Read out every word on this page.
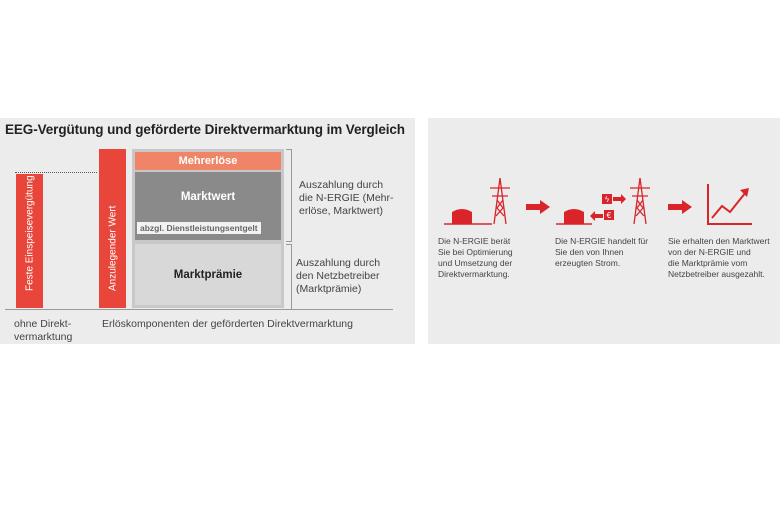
EEG-Vergütung und geförderte Direktvermarktung im Vergleich
Feste Einspeisevergütung	Anzulegender Wert
Mehrerlöse
Marktwert
abzgl. Dienstleistungsentgelt
Marktprämie
Auszahlung durch
die N-ERGIE (Mehr-
erlöse, Marktwert)
Auszahlung durch
den Netzbetreiber
(Marktprämie)
ohne Direkt-
vermarktung
Erlöskomponenten der geförderten Direktvermarktung
ϟ
€
Die N-ERGIE berät
Sie bei Optimierung
und Umsetzung der
Direktvermarktung.
Die N-ERGIE handelt für
Sie den von Ihnen
erzeugten Strom.
Sie erhalten den Marktwert
von der N-ERGIE und
die Marktprämie vom
Netzbetreiber ausgezahlt.
